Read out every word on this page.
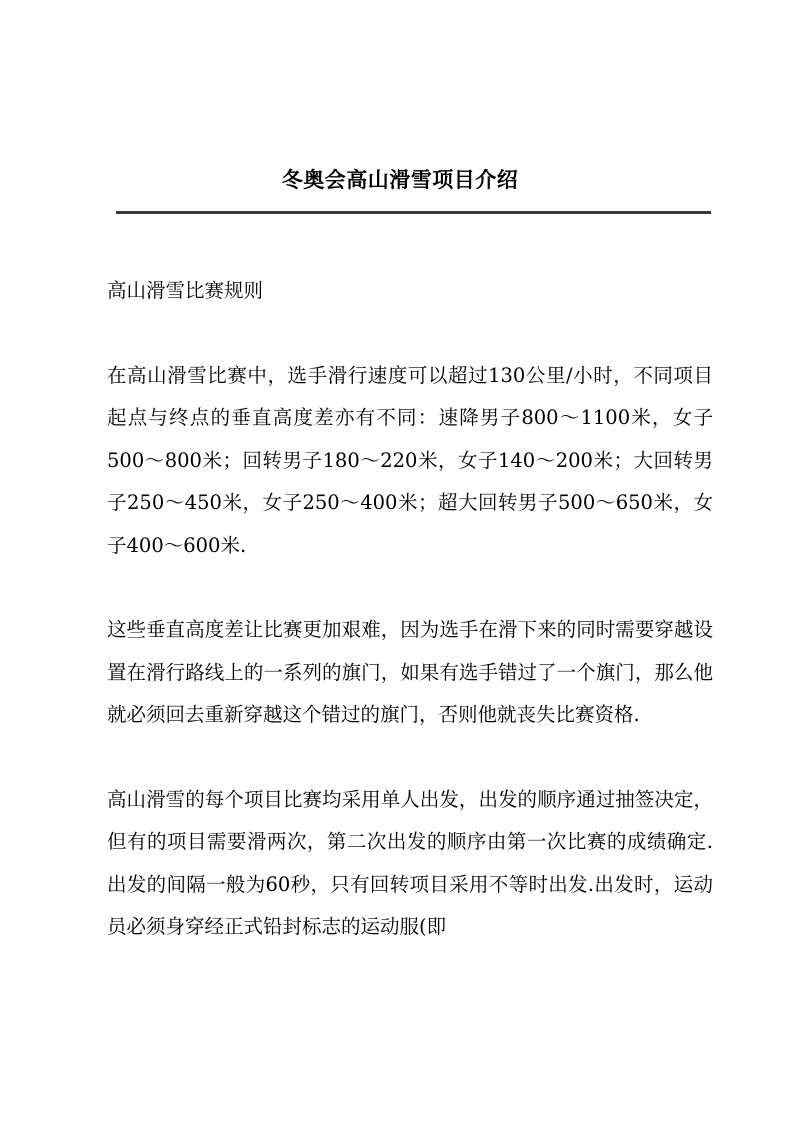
冬奥会高山滑雪项目介绍

高山滑雪比赛规则

在高山滑雪比赛中，选手滑行速度可以超过130公里/小时，不同项目起点与终点的垂直高度差亦有不同：速降男子800～1100米，女子500～800米；回转男子180～220米，女子140～200米；大回转男子250～450米，女子250～400米；超大回转男子500～650米，女子400～600米.

这些垂直高度差让比赛更加艰难，因为选手在滑下来的同时需要穿越设置在滑行路线上的一系列的旗门，如果有选手错过了一个旗门，那么他就必须回去重新穿越这个错过的旗门，否则他就丧失比赛资格.

高山滑雪的每个项目比赛均采用单人出发，出发的顺序通过抽签决定，但有的项目需要滑两次，第二次出发的顺序由第一次比赛的成绩确定.出发的间隔一般为60秒，只有回转项目采用不等时出发.出发时，运动员必须身穿经正式铅封标志的运动服(即
